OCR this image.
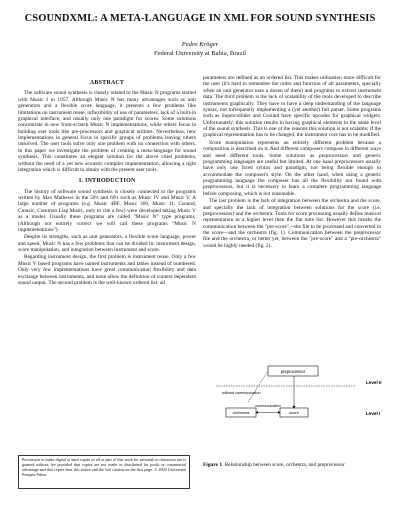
CSOUNDXML: A META-LANGUAGE IN XML FOR SOUND SYNTHESIS
Pedro Kröger
Federal University at Bahia, Brazil
ABSTRACT

The software sound synthesis is closely related to the Music N programs started with Music I in 1957. Although Music N has many advantages such as unit generators and a flexible score language, it presents a few problems like limitations on instrument reuse, inflexibility of use of parameters, lack of a built-in graphical interface, and usually only one paradigm for scores. Some solutions concentrate in new from-scratch Music N implementations, while others focus in building user tools like pre-processors and graphical utilities. Nevertheless, new implementations in general focus in specific groups of problems leaving others unsolved. The user tools solve only one problem with no connection with others. In this paper we investigate the problem of creating a meta-language for sound synthesis. This constitutes an elegant solution for the above cited problems, without the need of a yet new acoustic compiler implementation, allowing a tight integration which is difficult to obtain with the present user tools.

1. INTRODUCTION

The history of software sound synthesis is closely connected to the programs written by Max Mathews in the 50's and 60's such as Music IV and Music V. A large number of programs (e.g. Music 4BF, Music 360, Music 11, Csound, Cmusic, Common Lisp Music, only to cite a few) were developed taking Music V as a model. Usually these programs are called "Music N" type programs. (Although not entirely correct we will call these programs "Music N implementations").

Despite its strengths, such as unit generators, a flexible score language, power and speed, Music N has a few problems that can be divided in: instrument design, score manipulation, and integration between instrument and score.

Regarding instrument design, the first problem is instrument reuse. Only a few Music V based programs have named instruments and tables instead of numbered. Only very few implementations have great communication flexibility and data exchange between instruments, and none allow the definition of context dependent sound output. The second problem is the well-known ordered list: all

parameters are defined as an ordered list. This makes utilization more difficult for the user (it's hard to remember the order and function of all parameters, specially when an unit generator uses a dozen of them) and programs to extract instrument data. The third problem is the lack of scalability of the tools developed to describe instruments graphically. They have to have a deep understanding of the language syntax, not infrequently implementing a (yet another) full parser. Some programs such as Supercollider and Csound have specific opcodes for graphical widgets. Unfortunately, this solution results in having graphical elements in the same level of the sound synthesis. This is one of the reasons this solution is not scalable; if the graphical representation has to be changed, the instrument core has to be modified.

Score manipulation represents an entirely different problem because a composition is described on it. And different composers compose in different ways and need different tools. Some solutions as preprocessors and generic programming languages are useful but limited. At one hand preprocessors usually have only one fixed syntax and paradigm, not being flexible enough to accommodate the composer's style. On the other hand, when using a generic programming language the composer has all the flexibility not found with preprocessors, but it is necessary to learn a complete programming language before composing, which is not reasonable.

The last problem is the lack of integration between the orchestra and the score, and specially the lack of integration between solutions for the score (i.e. preprocessors) and the orchestra. Tools for score processing usually define musical representation in a higher level then the flat note list. However this breaks the communication between the "pre-score"—the file to be processed and converted in the score—and the orchestra (fig. 1). Communication between the preprocessor file and the orchestra, or better yet, between the "pre-score" and a "pre-orchestra" would be highly needed (fig. 2).

Permission to make digital or hard copies of all or part of this work for personal or classroom use is granted without fee provided that copies are not made or distributed for profit or commercial advantage and that copies bear this notice and the full citation on the first page. © 2004 Universitat Pompeu Fabra.
preprocessor
Level II
without communication
orchestra	score
communication
Level I
Figure 1. Relationship between score, orchestra, and preprocessor
